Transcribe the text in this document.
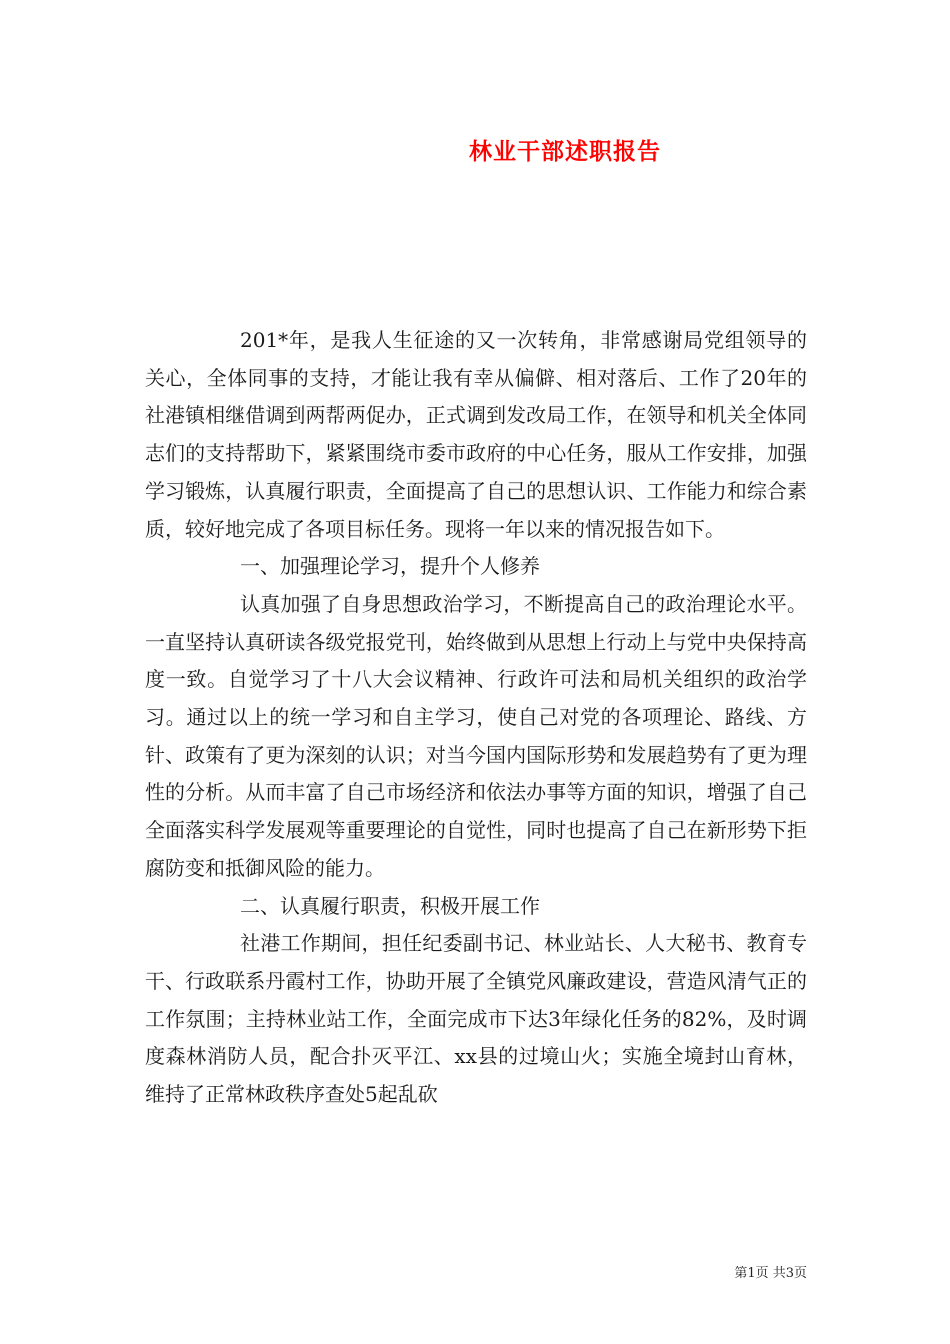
林业干部述职报告

201*年，是我人生征途的又一次转角，非常感谢局党组领导的关心，全体同事的支持，才能让我有幸从偏僻、相对落后、工作了20年的社港镇相继借调到两帮两促办，正式调到发改局工作，在领导和机关全体同志们的支持帮助下，紧紧围绕市委市政府的中心任务，服从工作安排，加强学习锻炼，认真履行职责，全面提高了自己的思想认识、工作能力和综合素质，较好地完成了各项目标任务。现将一年以来的情况报告如下。

一、加强理论学习，提升个人修养

认真加强了自身思想政治学习，不断提高自己的政治理论水平。一直坚持认真研读各级党报党刊，始终做到从思想上行动上与党中央保持高度一致。自觉学习了十八大会议精神、行政许可法和局机关组织的政治学习。通过以上的统一学习和自主学习，使自己对党的各项理论、路线、方针、政策有了更为深刻的认识；对当今国内国际形势和发展趋势有了更为理性的分析。从而丰富了自己市场经济和依法办事等方面的知识，增强了自己全面落实科学发展观等重要理论的自觉性，同时也提高了自己在新形势下拒腐防变和抵御风险的能力。

二、认真履行职责，积极开展工作

社港工作期间，担任纪委副书记、林业站长、人大秘书、教育专干、行政联系丹霞村工作，协助开展了全镇党风廉政建设，营造风清气正的工作氛围；主持林业站工作，全面完成市下达3年绿化任务的82%，及时调度森林消防人员，配合扑灭平江、xx县的过境山火；实施全境封山育林，维持了正常林政秩序查处5起乱砍

第1页 共3页
